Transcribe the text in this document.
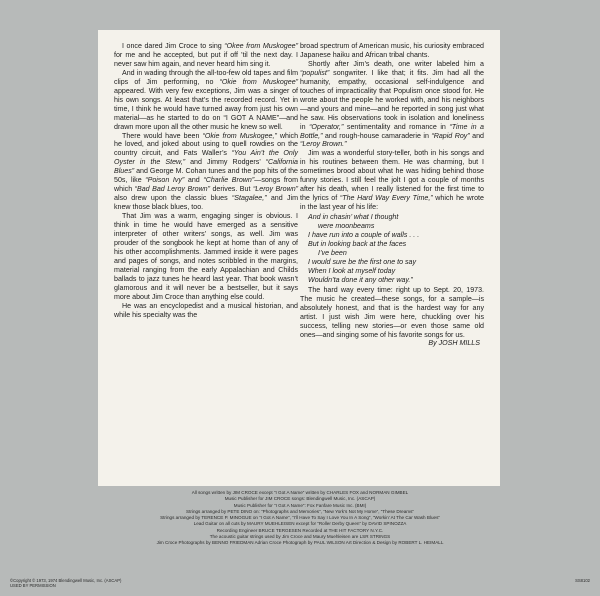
I once dared Jim Croce to sing “Okee from Muskogee” for me and he accepted, but put if off ’til the next day. I never saw him again, and never heard him sing it.

And in wading through the all-too-few old tapes and film clips of Jim performing, no “Okie from Muskogee” appeared. With very few exceptions, Jim was a singer of his own songs. At least that’s the recorded record. Yet in time, I think he would have turned away from just his own material—as he started to do on “I GOT A NAME”—and drawn more upon all the other music he knew so well.

There would have been “Okie from Muskogee,” which he loved, and joked about using to quell rowdies on the country circuit, and Fats Waller’s “You Ain’t the Only Oyster in the Stew,” and Jimmy Rodgers’ “California Blues” and George M. Cohan tunes and the pop hits of the 50s, like “Poison Ivy” and “Charlie Brown”—songs from which “Bad Bad Leroy Brown” derives. But “Leroy Brown” also drew upon the classic blues “Stagalee,” and Jim knew those black blues, too.

That Jim was a warm, engaging singer is obvious. I think in time he would have emerged as a sensitive interpreter of other writers’ songs, as well. Jim was prouder of the songbook he kept at home than of any of his other accomplishments. Jammed inside it were pages and pages of songs, and notes scribbled in the margins, material ranging from the early Appalachian and Childs ballads to jazz tunes he heard last year. That book wasn’t glamorous and it will never be a bestseller, but it says more about Jim Croce than anything else could.

He was an encyclopedist and a musical historian, and while his specialty was the

broad spectrum of American music, his curiosity embraced Japanese haiku and African tribal chants.

Shortly after Jim’s death, one writer labeled him a “populist” songwriter. I like that; it fits. Jim had all the humanity, empathy, occasional self-indulgence and touches of impracticality that Populism once stood for. He wrote about the people he worked with, and his neighbors—and yours and mine—and he reported in song just what he saw. His observations took in isolation and loneliness in “Operator,” sentimentality and romance in “Time in a Bottle,” and rough-house camaraderie in “Rapid Roy” and “Leroy Brown.”

Jim was a wonderful story-teller, both in his songs and in his routines between them. He was charming, but I sometimes brood about what he was hiding behind those funny stories. I still feel the jolt I got a couple of months after his death, when I really listened for the first time to the lyrics of “The Hard Way Every Time,” which he wrote in the last year of his life:

And in chasin’ what I thought
were moonbeams
I have run into a couple of walls . . .
But in looking back at the faces
I’ve been
I would sure be the first one to say
When I look at myself today
Wouldn’ta done it any other way.”

The hard way every time: right up to Sept. 20, 1973. The music he created—these songs, for a sample—is absolutely honest, and that is the hardest way for any artist. I just wish Jim were here, chuckling over his success, telling new stories—or even those same old ones—and singing some of his favorite songs for us.

By JOSH MILLS

All songs written by JIM CROCE except “I Got A Name” written by CHARLES FOX and NORMAN GIMBEL
Music Publisher for JIM CROCE songs: Blendingwell Music, Inc. (ASCAP)
Music Publisher for “I Got A Name”: Fox Fanfare Music Inc. (BMI)
Strings arranged by PETE DINO on: “Photographs and Memories”, “New York’s Not My Home”, “These Dreams”
Strings arranged by TERENCE P. MINOGUE on “I Got A Name”, “I’ll Have To Say I Love You In A Song”, “Workin’ At The Car Wash Blues”
Lead Guitar on all cuts by MAURY MUEHLEISEN except for “Roller Derby Queen” by DAVID SPINOZZA
Recording Engineer BRUCE TERGESEN Recorded at THE HIT FACTORY N.Y.C.
The acoustic guitar strings used by Jim Croce and Maury Muehleisen are LSR STRINGS
Jim Croce Photographs by BENNO FRIEDMAN Adrian Croce Photograph by PAUL WILSON Art Direction & Design by ROBERT L. HEIMALL
©Copyright © 1973, 1974 Blendingwell Music, Inc. (ASCAP)
USED BY PERMISSION
SS8102
